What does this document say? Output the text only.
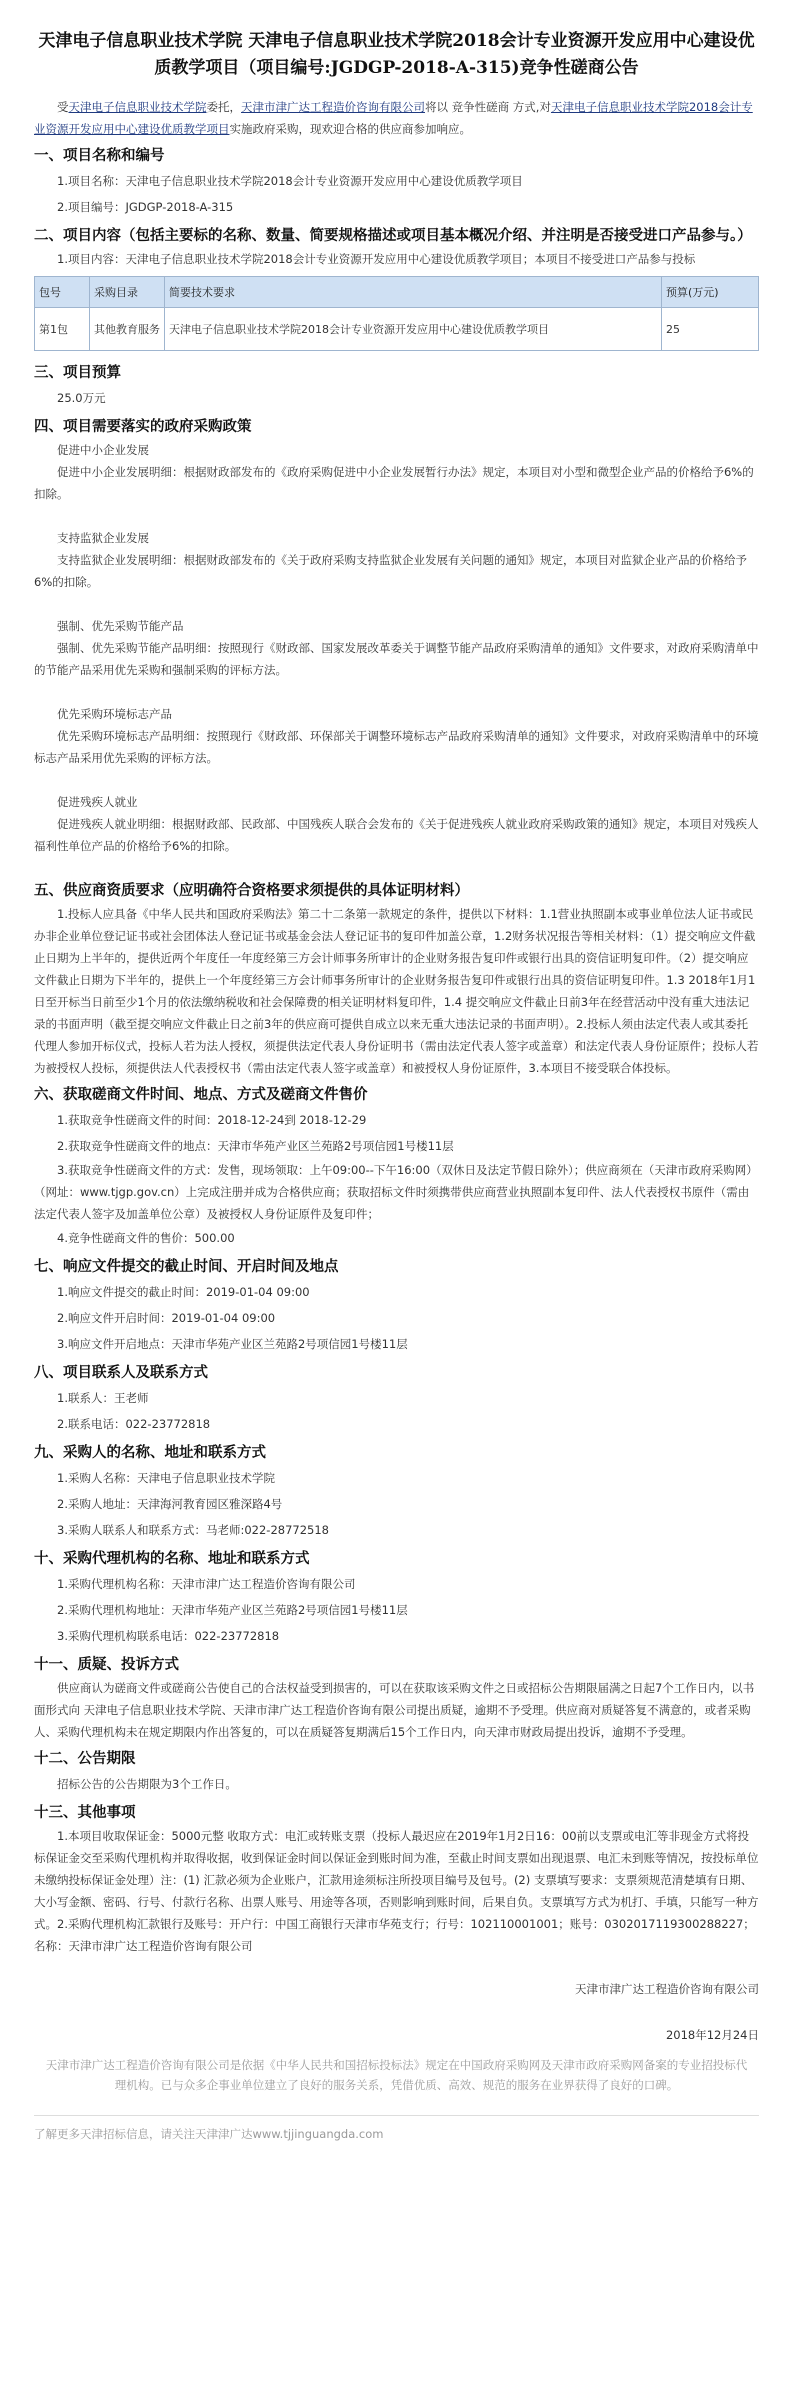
天津电子信息职业技术学院 天津电子信息职业技术学院2018会计专业资源开发应用中心建设优质教学项目（项目编号:JGDGP-2018-A-315)竞争性磋商公告

受天津电子信息职业技术学院委托，天津市津广达工程造价咨询有限公司将以 竞争性磋商 方式,对天津电子信息职业技术学院2018会计专业资源开发应用中心建设优质教学项目实施政府采购，现欢迎合格的供应商参加响应。

一、项目名称和编号

1.项目名称：天津电子信息职业技术学院2018会计专业资源开发应用中心建设优质教学项目

2.项目编号：JGDGP-2018-A-315

二、项目内容（包括主要标的名称、数量、简要规格描述或项目基本概况介绍、并注明是否接受进口产品参与。）

1.项目内容：天津电子信息职业技术学院2018会计专业资源开发应用中心建设优质教学项目；本项目不接受进口产品参与投标

包号	采购目录	简要技术要求	预算(万元)
第1包	其他教育服务	天津电子信息职业技术学院2018会计专业资源开发应用中心建设优质教学项目	25
三、项目预算

25.0万元

四、项目需要落实的政府采购政策

促进中小企业发展

促进中小企业发展明细：根据财政部发布的《政府采购促进中小企业发展暂行办法》规定，本项目对小型和微型企业产品的价格给予6%的扣除。

支持监狱企业发展

支持监狱企业发展明细：根据财政部发布的《关于政府采购支持监狱企业发展有关问题的通知》规定，本项目对监狱企业产品的价格给予6%的扣除。

强制、优先采购节能产品

强制、优先采购节能产品明细：按照现行《财政部、国家发展改革委关于调整节能产品政府采购清单的通知》文件要求，对政府采购清单中的节能产品采用优先采购和强制采购的评标方法。

优先采购环境标志产品

优先采购环境标志产品明细：按照现行《财政部、环保部关于调整环境标志产品政府采购清单的通知》文件要求，对政府采购清单中的环境标志产品采用优先采购的评标方法。

促进残疾人就业

促进残疾人就业明细：根据财政部、民政部、中国残疾人联合会发布的《关于促进残疾人就业政府采购政策的通知》规定，本项目对残疾人福利性单位产品的价格给予6%的扣除。

五、供应商资质要求（应明确符合资格要求须提供的具体证明材料）

1.投标人应具备《中华人民共和国政府采购法》第二十二条第一款规定的条件，提供以下材料：1.1营业执照副本或事业单位法人证书或民办非企业单位登记证书或社会团体法人登记证书或基金会法人登记证书的复印件加盖公章，1.2财务状况报告等相关材料：（1）提交响应文件截止日期为上半年的，提供近两个年度任一年度经第三方会计师事务所审计的企业财务报告复印件或银行出具的资信证明复印件。（2）提交响应文件截止日期为下半年的，提供上一个年度经第三方会计师事务所审计的企业财务报告复印件或银行出具的资信证明复印件。1.3 2018年1月1日至开标当日前至少1个月的依法缴纳税收和社会保障费的相关证明材料复印件，1.4 提交响应文件截止日前3年在经营活动中没有重大违法记录的书面声明（截至提交响应文件截止日之前3年的供应商可提供自成立以来无重大违法记录的书面声明）。2.投标人须由法定代表人或其委托代理人参加开标仪式，投标人若为法人授权，须提供法定代表人身份证明书（需由法定代表人签字或盖章）和法定代表人身份证原件；投标人若为被授权人投标，须提供法人代表授权书（需由法定代表人签字或盖章）和被授权人身份证原件，3.本项目不接受联合体投标。

六、获取磋商文件时间、地点、方式及磋商文件售价

1.获取竞争性磋商文件的时间：2018-12-24到 2018-12-29

2.获取竞争性磋商文件的地点：天津市华苑产业区兰苑路2号项信园1号楼11层

3.获取竞争性磋商文件的方式：发售，现场领取：上午09:00--下午16:00（双休日及法定节假日除外）；供应商须在（天津市政府采购网）（网址：www.tjgp.gov.cn）上完成注册并成为合格供应商；获取招标文件时须携带供应商营业执照副本复印件、法人代表授权书原件（需由法定代表人签字及加盖单位公章）及被授权人身份证原件及复印件；

4.竞争性磋商文件的售价：500.00

七、响应文件提交的截止时间、开启时间及地点

1.响应文件提交的截止时间：2019-01-04 09:00

2.响应文件开启时间：2019-01-04 09:00

3.响应文件开启地点：天津市华苑产业区兰苑路2号项信园1号楼11层

八、项目联系人及联系方式

1.联系人：王老师

2.联系电话：022-23772818

九、采购人的名称、地址和联系方式

1.采购人名称：天津电子信息职业技术学院

2.采购人地址：天津海河教育园区雅深路4号

3.采购人联系人和联系方式：马老师:022-28772518

十、采购代理机构的名称、地址和联系方式

1.采购代理机构名称：天津市津广达工程造价咨询有限公司

2.采购代理机构地址：天津市华苑产业区兰苑路2号项信园1号楼11层

3.采购代理机构联系电话：022-23772818

十一、质疑、投诉方式

供应商认为磋商文件或磋商公告使自己的合法权益受到损害的，可以在获取该采购文件之日或招标公告期限届满之日起7个工作日内，以书面形式向 天津电子信息职业技术学院、天津市津广达工程造价咨询有限公司提出质疑，逾期不予受理。供应商对质疑答复不满意的，或者采购人、采购代理机构未在规定期限内作出答复的，可以在质疑答复期满后15个工作日内，向天津市财政局提出投诉，逾期不予受理。

十二、公告期限

招标公告的公告期限为3个工作日。

十三、其他事项

1.本项目收取保证金：5000元整 收取方式：电汇或转账支票（投标人最迟应在2019年1月2日16：00前以支票或电汇等非现金方式将投标保证金交至采购代理机构并取得收据，收到保证金时间以保证金到账时间为准，至截止时间支票如出现退票、电汇未到账等情况，按投标单位未缴纳投标保证金处理）注：(1) 汇款必须为企业账户，汇款用途须标注所投项目编号及包号。(2) 支票填写要求：支票须规范清楚填有日期、大小写金额、密码、行号、付款行名称、出票人账号、用途等各项，否则影响到账时间，后果自负。支票填写方式为机打、手填，只能写一种方式。2.采购代理机构汇款银行及账号：开户行：中国工商银行天津市华苑支行；行号：102110001001；账号：0302017119300288227；名称：天津市津广达工程造价咨询有限公司

天津市津广达工程造价咨询有限公司

2018年12月24日

天津市津广达工程造价咨询有限公司是依据《中华人民共和国招标投标法》规定在中国政府采购网及天津市政府采购网备案的专业招投标代理机构。已与众多企事业单位建立了良好的服务关系，凭借优质、高效、规范的服务在业界获得了良好的口碑。

了解更多天津招标信息，请关注天津津广达www.tjjinguangda.com
